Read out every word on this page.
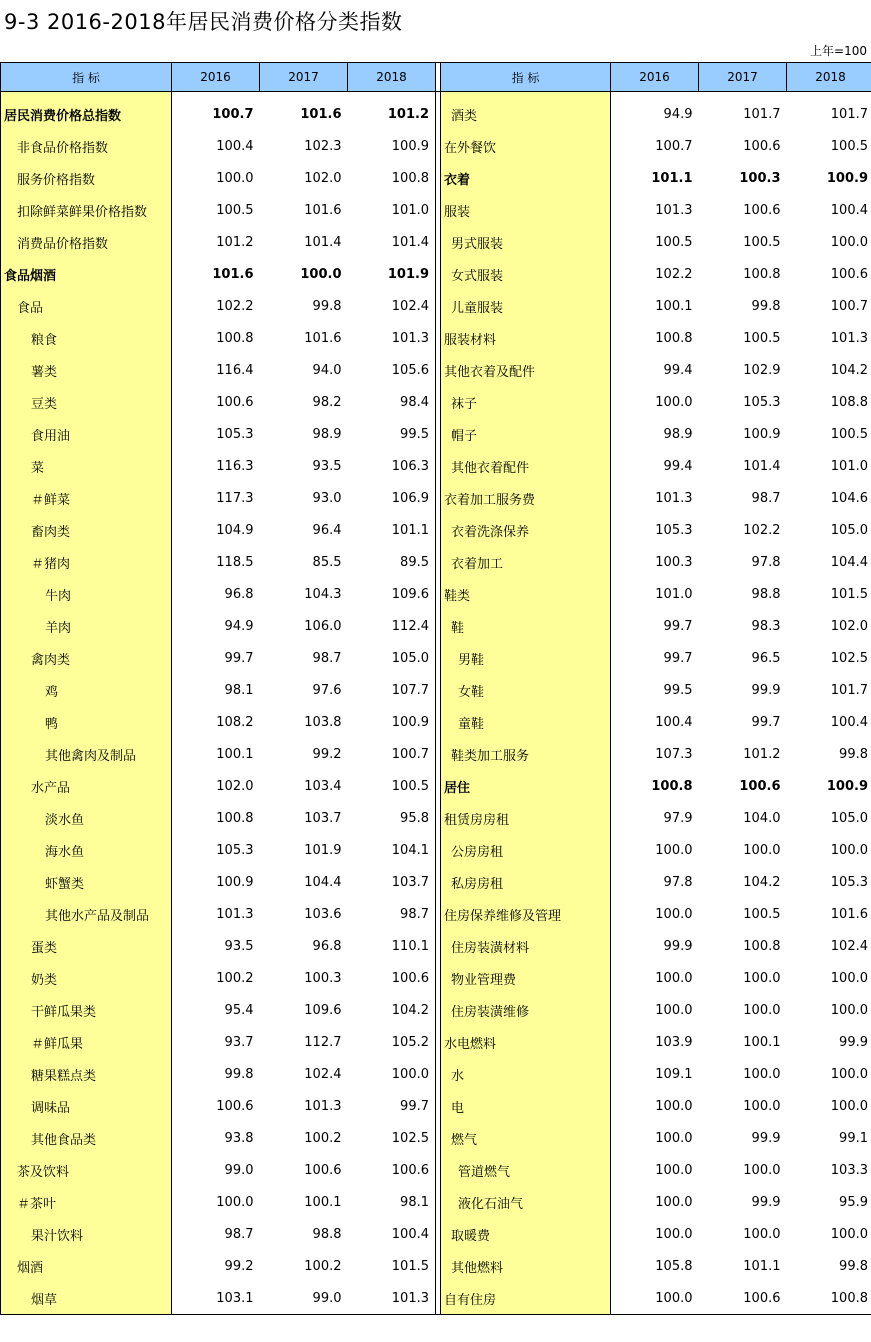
9-3 2016-2018年居民消费价格分类指数
上年=100
指 标	2016	2017	2018		指 标	2016	2017	2018

居民消费价格总指数	100.7	101.6	101.2		酒类	94.9	101.7	101.7
非食品价格指数	100.4	102.3	100.9		在外餐饮	100.7	100.6	100.5
服务价格指数	100.0	102.0	100.8		衣着	101.1	100.3	100.9
扣除鲜菜鲜果价格指数	100.5	101.6	101.0		服装	101.3	100.6	100.4
消费品价格指数	101.2	101.4	101.4		男式服装	100.5	100.5	100.0
食品烟酒	101.6	100.0	101.9		女式服装	102.2	100.8	100.6
食品	102.2	99.8	102.4		儿童服装	100.1	99.8	100.7
粮食	100.8	101.6	101.3		服装材料	100.8	100.5	101.3
薯类	116.4	94.0	105.6		其他衣着及配件	99.4	102.9	104.2
豆类	100.6	98.2	98.4		袜子	100.0	105.3	108.8
食用油	105.3	98.9	99.5		帽子	98.9	100.9	100.5
菜	116.3	93.5	106.3		其他衣着配件	99.4	101.4	101.0
＃鲜菜	117.3	93.0	106.9		衣着加工服务费	101.3	98.7	104.6
畜肉类	104.9	96.4	101.1		衣着洗涤保养	105.3	102.2	105.0
＃猪肉	118.5	85.5	89.5		衣着加工	100.3	97.8	104.4
牛肉	96.8	104.3	109.6		鞋类	101.0	98.8	101.5
羊肉	94.9	106.0	112.4		鞋	99.7	98.3	102.0
禽肉类	99.7	98.7	105.0		男鞋	99.7	96.5	102.5
鸡	98.1	97.6	107.7		女鞋	99.5	99.9	101.7
鸭	108.2	103.8	100.9		童鞋	100.4	99.7	100.4
其他禽肉及制品	100.1	99.2	100.7		鞋类加工服务	107.3	101.2	99.8
水产品	102.0	103.4	100.5		居住	100.8	100.6	100.9
淡水鱼	100.8	103.7	95.8		租赁房房租	97.9	104.0	105.0
海水鱼	105.3	101.9	104.1		公房房租	100.0	100.0	100.0
虾蟹类	100.9	104.4	103.7		私房房租	97.8	104.2	105.3
其他水产品及制品	101.3	103.6	98.7		住房保养维修及管理	100.0	100.5	101.6
蛋类	93.5	96.8	110.1		住房装潢材料	99.9	100.8	102.4
奶类	100.2	100.3	100.6		物业管理费	100.0	100.0	100.0
干鲜瓜果类	95.4	109.6	104.2		住房装潢维修	100.0	100.0	100.0
＃鲜瓜果	93.7	112.7	105.2		水电燃料	103.9	100.1	99.9
糖果糕点类	99.8	102.4	100.0		水	109.1	100.0	100.0
调味品	100.6	101.3	99.7		电	100.0	100.0	100.0
其他食品类	93.8	100.2	102.5		燃气	100.0	99.9	99.1
茶及饮料	99.0	100.6	100.6		管道燃气	100.0	100.0	103.3
＃茶叶	100.0	100.1	98.1		液化石油气	100.0	99.9	95.9
果汁饮料	98.7	98.8	100.4		取暖费	100.0	100.0	100.0
烟酒	99.2	100.2	101.5		其他燃料	105.8	101.1	99.8
烟草	103.1	99.0	101.3		自有住房	100.0	100.6	100.8
